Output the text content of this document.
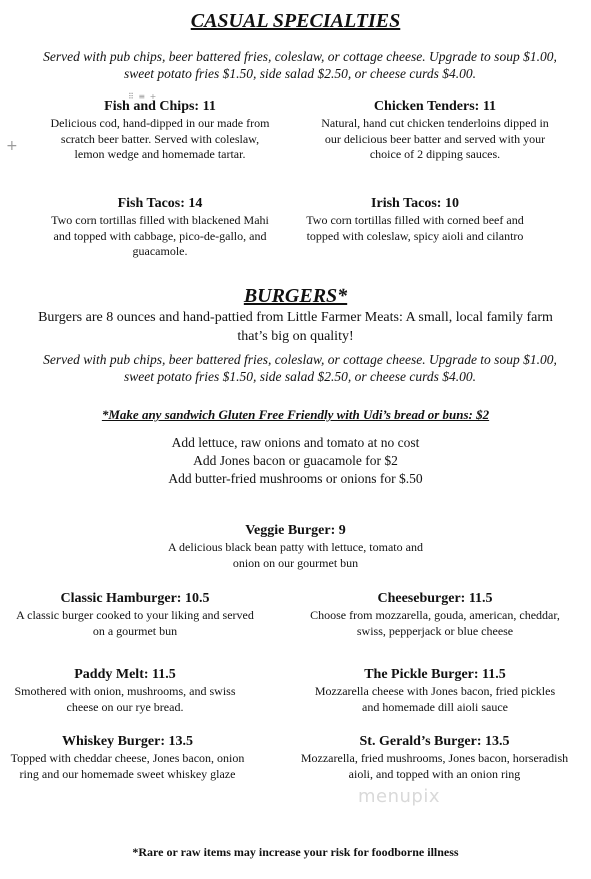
CASUAL SPECIALTIES
Served with pub chips, beer battered fries, coleslaw, or cottage cheese. Upgrade to soup $1.00,
sweet potato fries $1.50, side salad $2.50, or cheese curds $4.00.
+
⠿ ≡ +
Fish and Chips: 11
Delicious cod, hand-dipped in our made from
scratch beer batter. Served with coleslaw,
lemon wedge and homemade tartar.
Chicken Tenders: 11
Natural, hand cut chicken tenderloins dipped in
our delicious beer batter and served with your
choice of 2 dipping sauces.
Fish Tacos: 14
Two corn tortillas filled with blackened Mahi
and topped with cabbage, pico-de-gallo, and
guacamole.
Irish Tacos: 10
Two corn tortillas filled with corned beef and
topped with coleslaw, spicy aioli and cilantro
BURGERS*
Burgers are 8 ounces and hand-pattied from Little Farmer Meats: A small, local family farm
that’s big on quality!
Served with pub chips, beer battered fries, coleslaw, or cottage cheese. Upgrade to soup $1.00,
sweet potato fries $1.50, side salad $2.50, or cheese curds $4.00.
*Make any sandwich Gluten Free Friendly with Udi’s bread or buns: $2
Add lettuce, raw onions and tomato at no cost
Add Jones bacon or guacamole for $2
Add butter-fried mushrooms or onions for $.50
Veggie Burger: 9
A delicious black bean patty with lettuce, tomato and
onion on our gourmet bun
Classic Hamburger: 10.5
A classic burger cooked to your liking and served
on a gourmet bun
Cheeseburger: 11.5
Choose from mozzarella, gouda, american, cheddar,
swiss, pepperjack or blue cheese
Paddy Melt: 11.5
Smothered with onion, mushrooms, and swiss
cheese on our rye bread.
The Pickle Burger: 11.5
Mozzarella cheese with Jones bacon, fried pickles
and homemade dill aioli sauce
Whiskey Burger: 13.5
Topped with cheddar cheese, Jones bacon, onion
ring and our homemade sweet whiskey glaze
St. Gerald’s Burger: 13.5
Mozzarella, fried mushrooms, Jones bacon, horseradish
aioli, and topped with an onion ring
menupix
*Rare or raw items may increase your risk for foodborne illness
